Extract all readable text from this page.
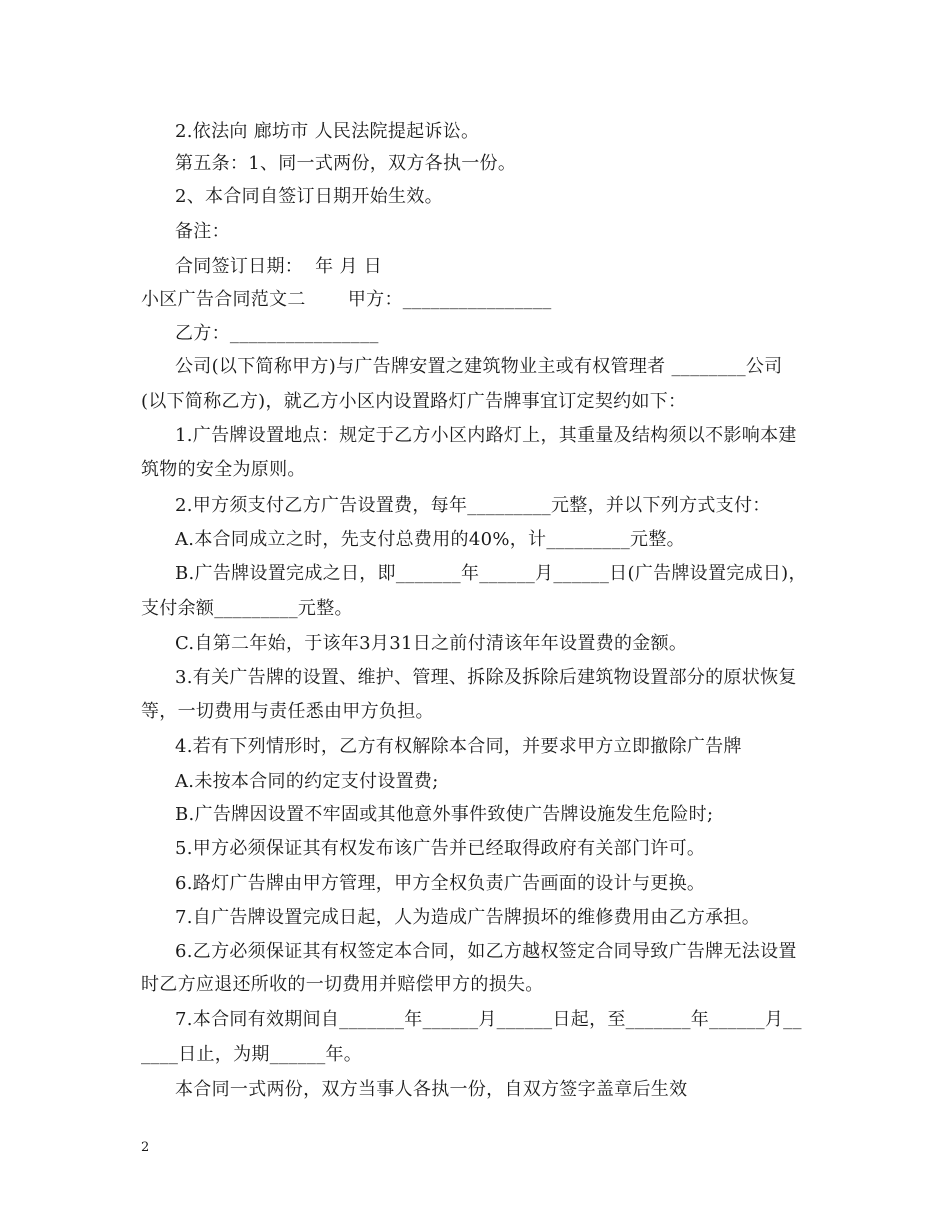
2.依法向 廊坊市 人民法院提起诉讼。
第五条：1、同一式两份，双方各执一份。
2、本合同自签订日期开始生效。
备注：
合同签订日期：  年 月 日
小区广告合同范文二       甲方：________________
乙方：________________
公司(以下简称甲方)与广告牌安置之建筑物业主或有权管理者 ________公司
(以下简称乙方)，就乙方小区内设置路灯广告牌事宜订定契约如下：
1.广告牌设置地点：规定于乙方小区内路灯上，其重量及结构须以不影响本建
筑物的安全为原则。
2.甲方须支付乙方广告设置费，每年_________元整，并以下列方式支付：
A.本合同成立之时，先支付总费用的40%，计_________元整。
B.广告牌设置完成之日，即_______年______月______日(广告牌设置完成日)，
支付余额_________元整。
C.自第二年始，于该年3月31日之前付清该年年设置费的金额。
3.有关广告牌的设置、维护、管理、拆除及拆除后建筑物设置部分的原状恢复
等，一切费用与责任悉由甲方负担。
4.若有下列情形时，乙方有权解除本合同，并要求甲方立即撤除广告牌
A.未按本合同的约定支付设置费;
B.广告牌因设置不牢固或其他意外事件致使广告牌设施发生危险时;
5.甲方必须保证其有权发布该广告并已经取得政府有关部门许可。
6.路灯广告牌由甲方管理，甲方全权负责广告画面的设计与更换。
7.自广告牌设置完成日起，人为造成广告牌损坏的维修费用由乙方承担。
6.乙方必须保证其有权签定本合同，如乙方越权签定合同导致广告牌无法设置
时乙方应退还所收的一切费用并赔偿甲方的损失。
7.本合同有效期间自_______年______月______日起，至_______年______月__
____日止，为期______年。
本合同一式两份，双方当事人各执一份，自双方签字盖章后生效
2
